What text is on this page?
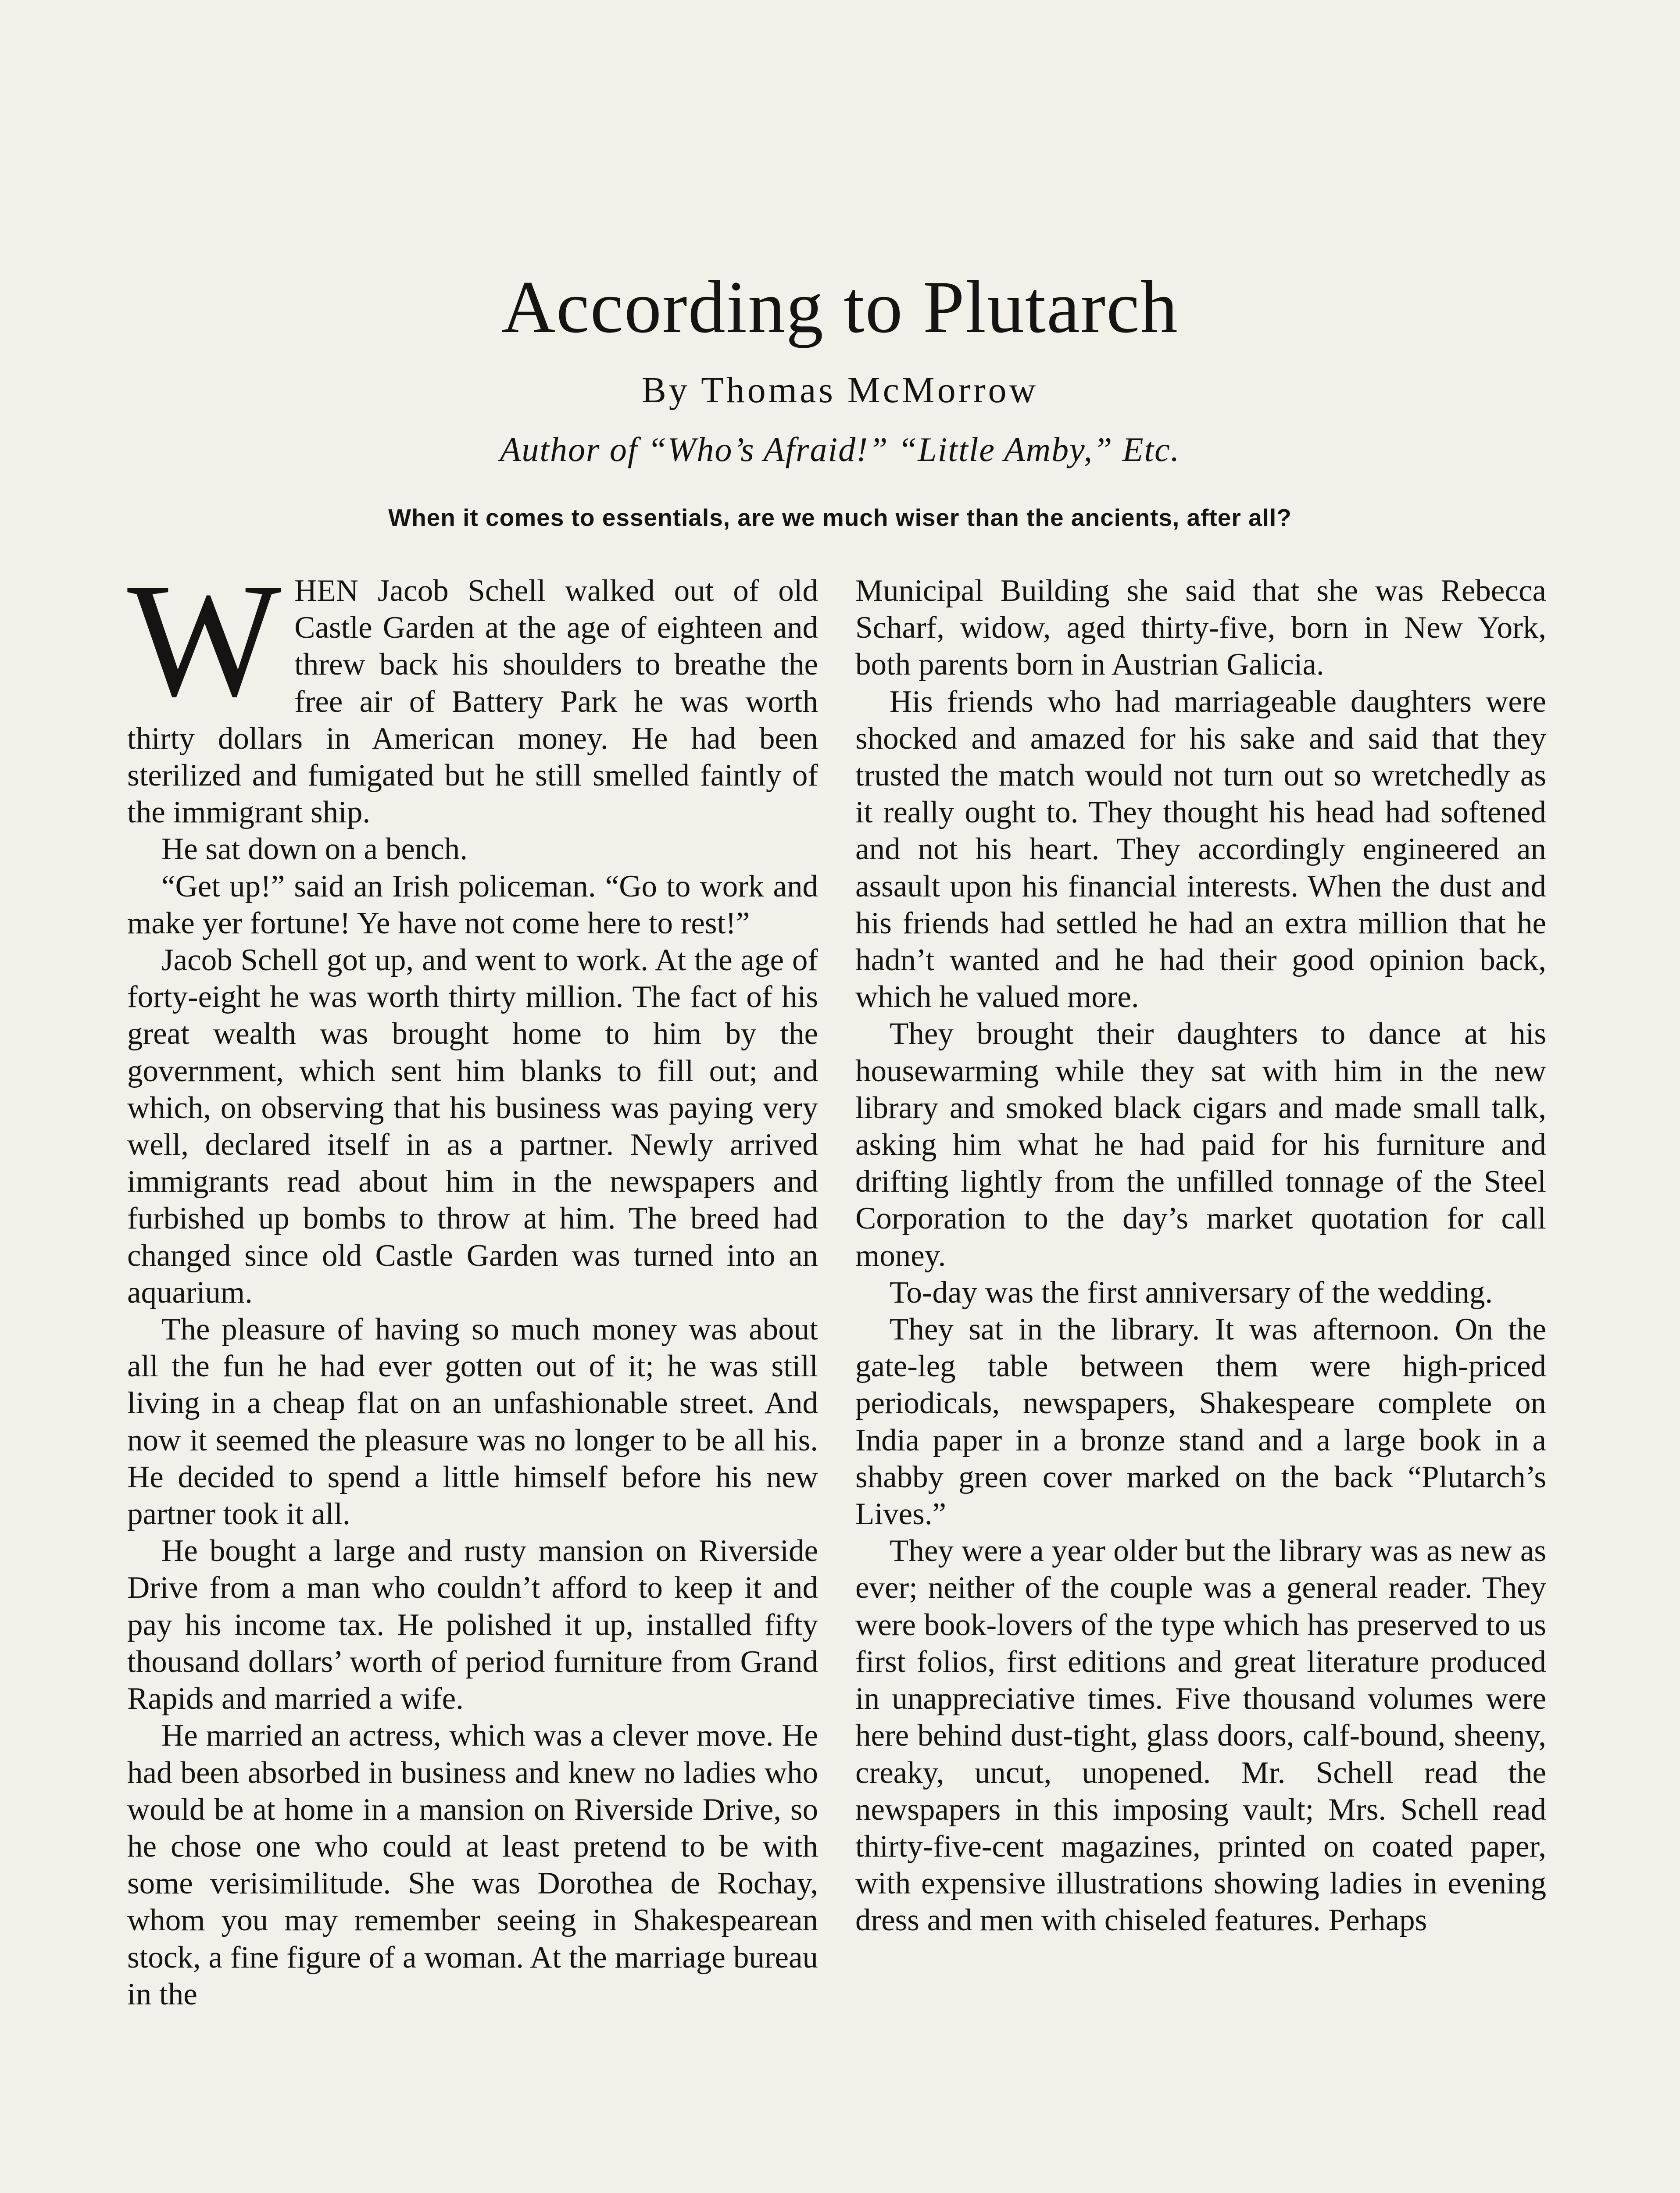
According to Plutarch
By Thomas McMorrow
Author of “Who’s Afraid!” “Little Amby,” Etc.
When it comes to essentials, are we much wiser than the ancients, after all?

WHEN Jacob Schell walked out of old Castle Garden at the age of eighteen and threw back his shoulders to breathe the free air of Battery Park he was worth thirty dollars in American money. He had been sterilized and fumigated but he still smelled faintly of the immigrant ship.

He sat down on a bench.

“Get up!” said an Irish policeman. “Go to work and make yer fortune! Ye have not come here to rest!”

Jacob Schell got up, and went to work. At the age of forty-eight he was worth thirty million. The fact of his great wealth was brought home to him by the government, which sent him blanks to fill out; and which, on observing that his business was paying very well, declared itself in as a partner. Newly arrived immigrants read about him in the newspapers and furbished up bombs to throw at him. The breed had changed since old Castle Garden was turned into an aquarium.

The pleasure of having so much money was about all the fun he had ever gotten out of it; he was still living in a cheap flat on an unfashionable street. And now it seemed the pleasure was no longer to be all his. He decided to spend a little himself before his new partner took it all.

He bought a large and rusty mansion on Riverside Drive from a man who couldn’t afford to keep it and pay his income tax. He polished it up, installed fifty thousand dollars’ worth of period furniture from Grand Rapids and married a wife.

He married an actress, which was a clever move. He had been absorbed in business and knew no ladies who would be at home in a mansion on Riverside Drive, so he chose one who could at least pretend to be with some verisimilitude. She was Dorothea de Rochay, whom you may remember seeing in Shakespearean stock, a fine figure of a woman. At the marriage bureau in the

Municipal Building she said that she was Rebecca Scharf, widow, aged thirty-five, born in New York, both parents born in Austrian Galicia.

His friends who had marriageable daughters were shocked and amazed for his sake and said that they trusted the match would not turn out so wretchedly as it really ought to. They thought his head had softened and not his heart. They accordingly engineered an assault upon his financial interests. When the dust and his friends had settled he had an extra million that he hadn’t wanted and he had their good opinion back, which he valued more.

They brought their daughters to dance at his housewarming while they sat with him in the new library and smoked black cigars and made small talk, asking him what he had paid for his furniture and drifting lightly from the unfilled tonnage of the Steel Corporation to the day’s market quotation for call money.

To-day was the first anniversary of the wedding.

They sat in the library. It was afternoon. On the gate-leg table between them were high-priced periodicals, newspapers, Shakespeare complete on India paper in a bronze stand and a large book in a shabby green cover marked on the back “Plutarch’s Lives.”

They were a year older but the library was as new as ever; neither of the couple was a general reader. They were book-lovers of the type which has preserved to us first folios, first editions and great literature produced in unappreciative times. Five thousand volumes were here behind dust-tight, glass doors, calf-bound, sheeny, creaky, uncut, unopened. Mr. Schell read the newspapers in this imposing vault; Mrs. Schell read thirty-five-cent magazines, printed on coated paper, with expensive illustrations showing ladies in evening dress and men with chiseled features. Perhaps
